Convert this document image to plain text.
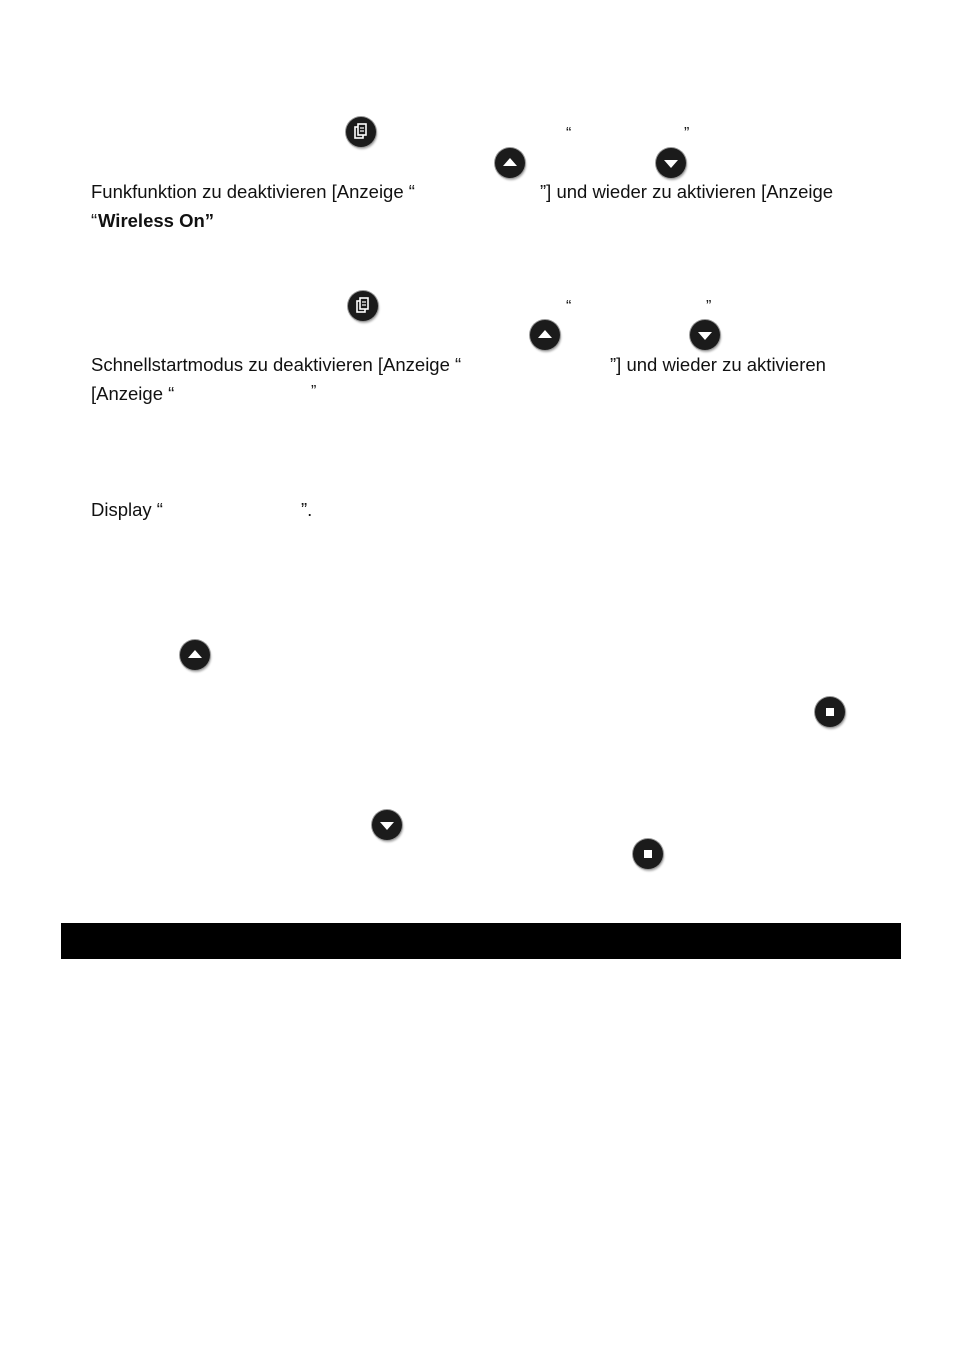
“	”
Funkfunktion zu deaktivieren [Anzeige “	”] und wieder zu aktivieren [Anzeige
“ Wireless On”
“	”
Schnellstartmodus zu deaktivieren [Anzeige “	”] und wieder zu aktivieren
[Anzeige “	”
Display “	”.
